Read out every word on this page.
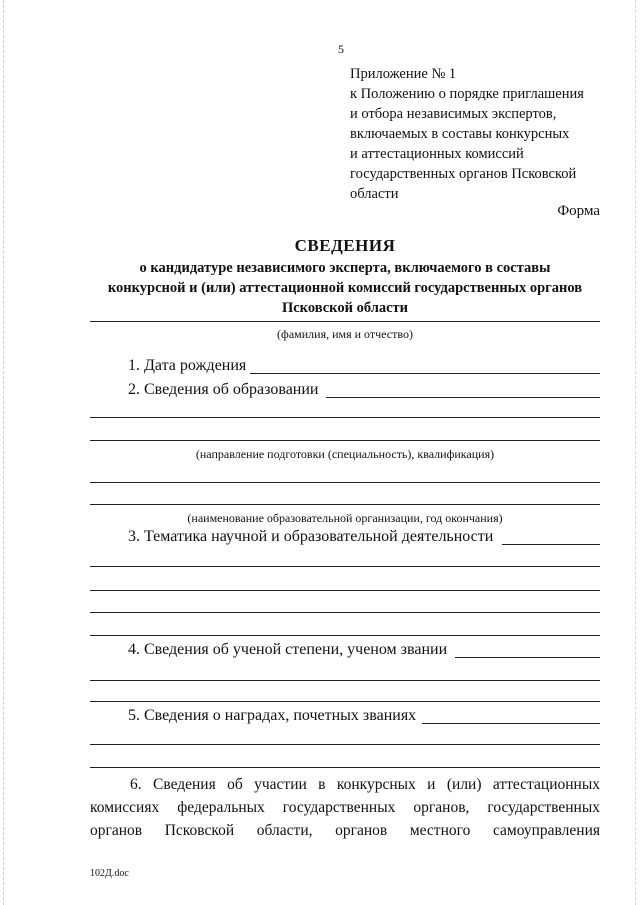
5
Приложение № 1
к Положению о порядке приглашения
и отбора независимых экспертов,
включаемых в составы конкурсных
и аттестационных комиссий
государственных органов Псковской
области
Форма
СВЕДЕНИЯ
о кандидатуре независимого эксперта, включаемого в составы
конкурсной и (или) аттестационной комиссий государственных органов
Псковской области
(фамилия, имя и отчество)
1. Дата рождения
2. Сведения об образовании
(направление подготовки (специальность), квалификация)
(наименование образовательной организации, год окончания)
3. Тематика научной и образовательной деятельности
4. Сведения об ученой степени, ученом звании
5. Сведения о наградах, почетных званиях
6. Сведения об участии в конкурсных и (или) аттестационных
комиссиях федеральных государственных органов, государственных
органов Псковской области, органов местного самоуправления
102Д.doc
